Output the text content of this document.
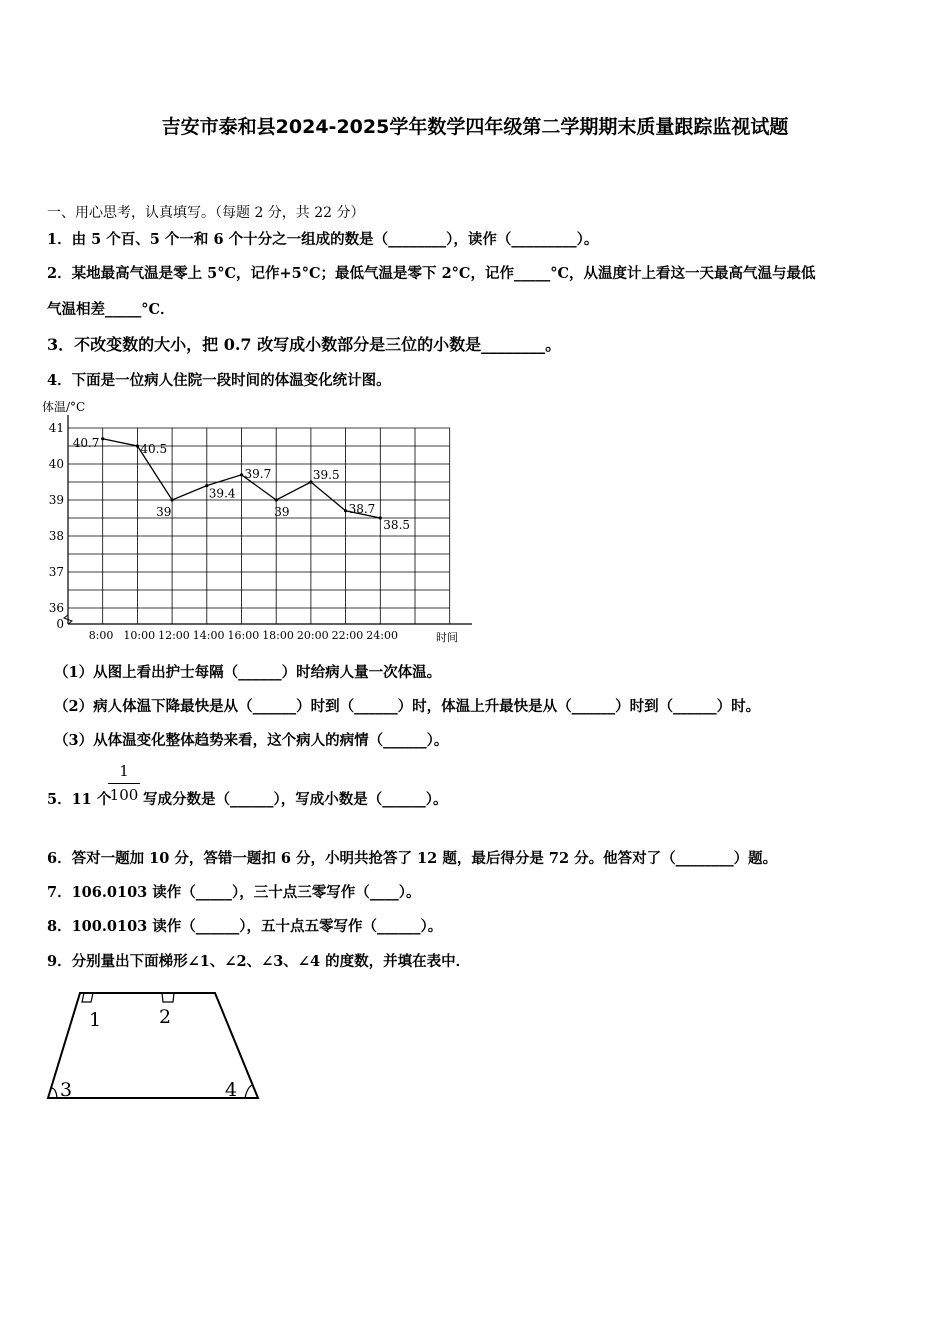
吉安市泰和县2024-2025学年数学四年级第二学期期末质量跟踪监视试题
一、用心思考，认真填写。（每题 2 分，共 22 分）
1．由 5 个百、5 个一和 6 个十分之一组成的数是（________），读作（_________）。
2．某地最高气温是零上 5°C，记作+5°C；最低气温是零下 2°C，记作_____°C，从温度计上看这一天最高气温与最低
气温相差_____°C．
3．不改变数的大小，把 0.7 改写成小数部分是三位的小数是________。
4．下面是一位病人住院一段时间的体温变化统计图。
体温/°C
时间
41
40
39
38
37
36
0
8:00 10:00 12:00 14:00 16:00 18:00 20:00 22:00 24:00
40.7	40.5
39
39.4
39.7
39
39.5
38.7
38.5
（1）从图上看出护士每隔（______）时给病人量一次体温。
（2）病人体温下降最快是从（______）时到（______）时，体温上升最快是从（______）时到（______）时。
（3）从体温变化整体趋势来看，这个病人的病情（______）。
5．11 个
1
100 写成分数是（______），写成小数是（______）。
6．答对一题加 10 分，答错一题扣 6 分，小明共抢答了 12 题，最后得分是 72 分。他答对了（________）题。
7．106.0103 读作（_____），三十点三零写作（____）。
8．100.0103 读作（______），五十点五零写作（______）。
9．分别量出下面梯形∠1、∠2、∠3、∠4 的度数，并填在表中．
1	2
3	4
